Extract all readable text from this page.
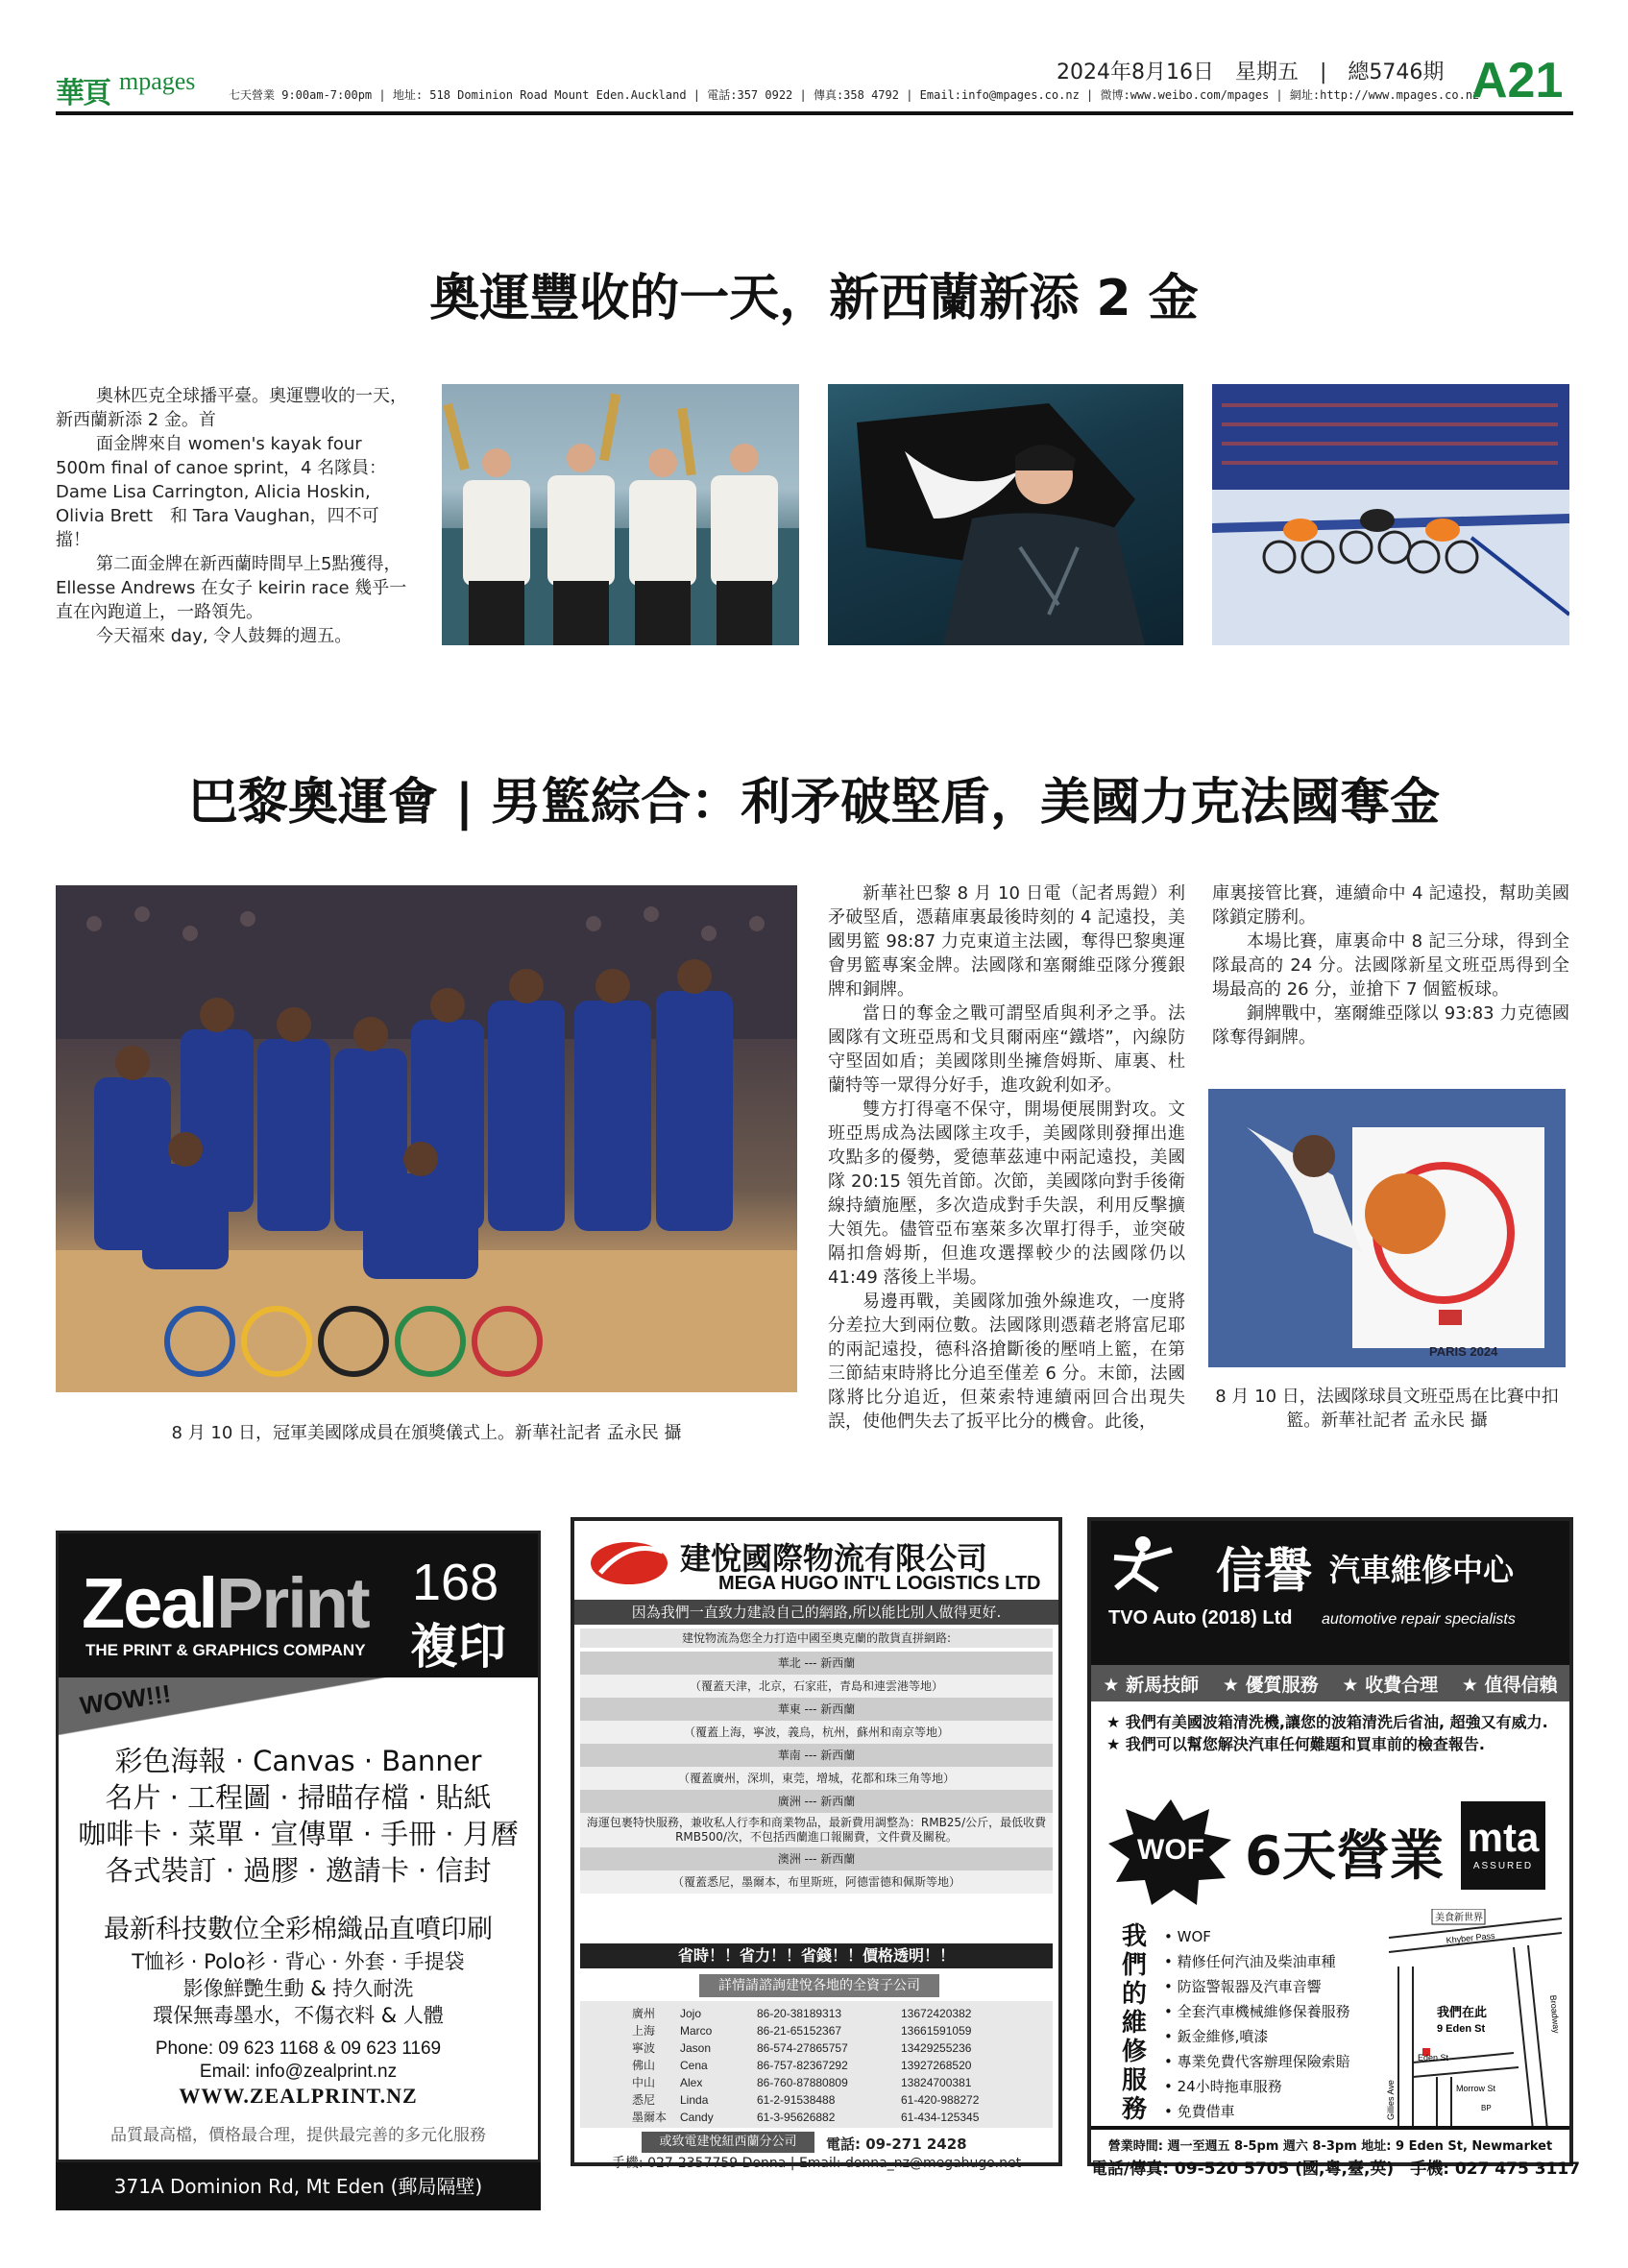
華頁 mpages	七天營業 9:00am-7:00pm | 地址: 518 Dominion Road Mount Eden.Auckland | 電話:357 0922 | 傳真:358 4792 | Email:info@mpages.co.nz | 微博:www.weibo.com/mpages | 網址:http://www.mpages.co.nz
2024年8月16日　星期五　|　總5746期 A21
奧運豐收的一天，新西蘭新添 2 金

奧林匹克全球播平臺。奧運豐收的一天，新西蘭新添 2 金。首

面金牌來自 women's kayak four 500m final of canoe sprint，4 名隊員：Dame Lisa Carrington, Alicia Hoskin, Olivia Brett　和 Tara Vaughan，四不可擋！

第二面金牌在新西蘭時間早上5點獲得，Ellesse Andrews 在女子 keirin race 幾乎一直在內跑道上，一路領先。

今天福來 day, 令人鼓舞的週五。

巴黎奧運會 | 男籃綜合：利矛破堅盾，美國力克法國奪金
8 月 10 日，冠軍美國隊成員在頒獎儀式上。新華社記者 孟永民 攝

新華社巴黎 8 月 10 日電（記者馬鎧）利矛破堅盾，憑藉庫裏最後時刻的 4 記遠投，美國男籃 98:87 力克東道主法國，奪得巴黎奧運會男籃專案金牌。法國隊和塞爾維亞隊分獲銀牌和銅牌。

當日的奪金之戰可謂堅盾與利矛之爭。法國隊有文班亞馬和戈貝爾兩座“鐵塔”，內線防守堅固如盾；美國隊則坐擁詹姆斯、庫裏、杜蘭特等一眾得分好手，進攻銳利如矛。

雙方打得毫不保守，開場便展開對攻。文班亞馬成為法國隊主攻手，美國隊則發揮出進攻點多的優勢，愛德華茲連中兩記遠投，美國隊 20:15 領先首節。次節，美國隊向對手後衛線持續施壓，多次造成對手失誤，利用反擊擴大領先。儘管亞布塞萊多次單打得手，並突破隔扣詹姆斯，但進攻選擇較少的法國隊仍以 41:49 落後上半場。

易邊再戰，美國隊加強外線進攻，一度將分差拉大到兩位數。法國隊則憑藉老將富尼耶的兩記遠投，德科洛搶斷後的壓哨上籃，在第三節結束時將比分追至僅差 6 分。末節，法國隊將比分追近，但萊索特連續兩回合出現失誤，使他們失去了扳平比分的機會。此後，

庫裏接管比賽，連續命中 4 記遠投，幫助美國隊鎖定勝利。

本場比賽，庫裏命中 8 記三分球，得到全隊最高的 24 分。法國隊新星文班亞馬得到全場最高的 26 分，並搶下 7 個籃板球。

銅牌戰中，塞爾維亞隊以 93:83 力克德國隊奪得銅牌。

PARIS 2024
8 月 10 日，法國隊球員文班亞馬在比賽中扣籃。新華社記者 孟永民 攝
ZealPrint 168
複印
THE PRINT & GRAPHICS COMPANY
WOW!!!
彩色海報 · Canvas · Banner
名片 · 工程圖 · 掃瞄存檔 · 貼紙
咖啡卡 · 菜單 · 宣傳單 · 手冊 · 月曆
各式裝訂 · 過膠 · 邀請卡 · 信封
最新科技數位全彩棉織品直噴印刷
T恤衫 · Polo衫 · 背心 · 外套 · 手提袋
影像鮮艷生動 & 持久耐洗
環保無毒墨水，不傷衣料 & 人體
Phone: 09 623 1168 & 09 623 1169
Email: info@zealprint.nz
WWW.ZEALPRINT.NZ
品質最高檔，價格最合理，提供最完善的多元化服務
371A Dominion Rd, Mt Eden (郵局隔壁)
建悅國際物流有限公司
MEGA HUGO INT'L LOGISTICS LTD
因為我們一直致力建設自己的網路,所以能比別人做得更好.
建悅物流為您全力打造中國至奧克蘭的散貨直拼網路:
華北 --- 新西蘭
（覆蓋天津，北京，石家莊，青島和連雲港等地）
華東 --- 新西蘭
（覆蓋上海，寧波，義烏，杭州，蘇州和南京等地）
華南 --- 新西蘭
（覆蓋廣州，深圳，東莞，增城，花都和珠三角等地）
廣洲 --- 新西蘭
海運包裹特快服務，兼收私人行李和商業物品，最新費用調整為：RMB25/公斤，最低收費RMB500/次，不包括西蘭進口報關費，文件費及關稅。
澳洲 --- 新西蘭
（覆蓋悉尼，墨爾本，布里斯班，阿德雷德和佩斯等地）
省時！！省力！！省錢！！價格透明！！
詳情請諮詢建悅各地的全資子公司
廣州	Jojo	86-20-38189313	13672420382
上海	Marco	86-21-65152367	13661591059
寧波	Jason	86-574-27865757	13429255236
佛山	Cena	86-757-82367292	13927268520
中山	Alex	86-760-87880809	13824700381
悉尼	Linda	61-2-91538488	61-420-988272
墨爾本	Candy	61-3-95626882	61-434-125345
或致電建悅紐西蘭分公司	電話: 09-271 2428
手機: 027-2357759 Donna | Email: donna_nz@megahugo.net
信譽 汽車維修中心
TVO Auto (2018) Ltd automotive repair specialists
★ 新馬技師 ★ 優質服務 ★ 收費合理 ★ 值得信賴
★ 我們有美國波箱清洗機,讓您的波箱清洗后省油, 超強又有威力.
★ 我們可以幫您解決汽車任何難題和買車前的檢查報告.
WOF 6天營業 mta
ASSURED
我們的維修服務
• WOF
• 精修任何汽油及柴油車種
• 防盜警報器及汽車音響
• 全套汽車機械維修保養服務
• 鈑金維修,噴漆
• 專業免費代客辦理保險索賠
• 24小時拖車服務
• 免費借車
美食新世界
Khyber Pass
我們在此
9 Eden St
Eden St
Morrow St
Gillies Ave
Broadway
BP
營業時間: 週一至週五 8-5pm 週六 8-3pm 地址: 9 Eden St, Newmarket
電話/傳真: 09-520 5705 (國,粵,臺,英)　手機: 027 475 3117
